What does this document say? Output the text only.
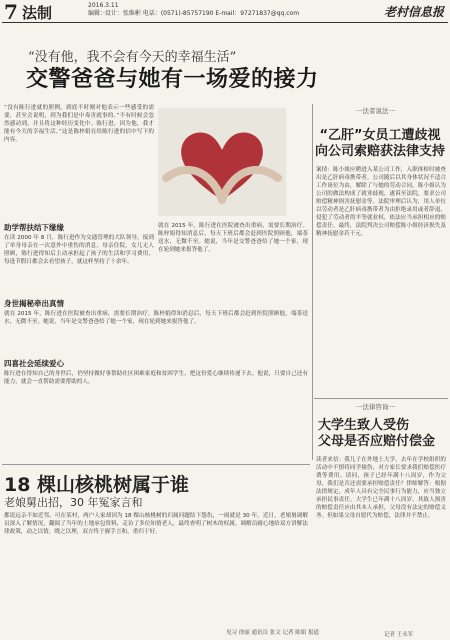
7 法制	2016.3.11
编辑：·设计：张维彬 电话：(0571)-85757190 E-mail：97271837@qq.com	老村信息报
“没有他，我不会有今天的幸福生活”
交警爸爸与她有一场爱的接力
“没有陈行进就的照例，到底不时刚对他表示一些感受的需要，甚至会说明，到为我们是中毒害就事的。”不有时候会忽然感动到，并且将这种经历变化中。陈行进，因为他，我才能有今天的幸福生活。”这是陈梓娟在给陈行进的信中写下的内容。
助学帮扶结下缘缘
在读 2000 年 8 月，陈行进作为交通管理的大队领导，接到了单身母亲在一次意外中重伤的消息，母亲住院，女儿无人照顾，陈行进得知后主动承担起了孩子的生活和学习费用，每逢节假日都会去看望孩子，就这样坚持了十余年。
就在 2015 年，陈行进在医院被查出重病，需要长期治疗。陈梓娟得知消息后，每天下班后都会赶到医院照顾他，端茶送水，无微不至。她说，当年是交警爸爸给了她一个家，现在轮到她来报答他了。
身世揭秘牵出真情
就在 2015 年，陈行进在医院被查出重病，需要长期治疗。陈梓娟得知消息后，每天下班后都会赶到医院照顾他，端茶送水，无微不至。她说，当年是交警爸爸给了她一个家，现在轮到她来报答他了。
四喜社会延续爱心
陈行进在得知自己的身世后，仍坚持做好事帮助社区困难家庭和贫困学生，把这份爱心继续传递下去。他说，只要自己还有能力，就会一直帮助需要帮助的人。
一法者说法一
“乙肝”女员工遭歧视
向公司索赔获法律支持
案情：陈小姐应聘进入某公司工作，入职体检时被查出是乙肝病毒携带者。公司随后以其身体状况不适合工作岗位为由，解除了与她的劳动合同。陈小姐认为公司的做法构成了就业歧视，遂诉至法院，要求公司赔偿精神损害抚慰金等。法院审理后认为，用人单位以劳动者是乙肝病毒携带者为由拒绝录用或者辞退，侵犯了劳动者的平等就业权，依法应当承担相应的赔偿责任。最终，法院判决公司赔偿陈小姐经济损失及精神抚慰金若干元。
一法律咨询一
大学生致人受伤
父母是否应赔付偿金
读者来信：我儿子在外地上大学，去年在学校组织的活动中不慎将同学撞伤，对方家长要求我们赔偿医疗费等费用。请问，孩子已经年满十八周岁，作为父母，我们是否还需要承担赔偿责任？律师解答：根据法律规定，成年人具有完全民事行为能力，应当独立承担民事责任。大学生已年满十八周岁，其致人损害的赔偿责任应由其本人承担，父母没有法定的赔偿义务。但如果父母自愿代为赔偿，法律并不禁止。
记者 王永军
18 棵山核桃树属于谁
老娘舅出招，30 年冤家言和
都说远亲不如近邻，可在某村，两户人家却因为 18 棵山核桃树的归属问题结下怨仇，一闹就是 30 年。近日，老娘舅调解员深入了解情况，翻阅了当年的土地承包资料，走访了多位知情老人，最终查明了树木的权属。调解员耐心地给双方讲解法律政策，动之以情，晓之以理，双方终于握手言和，重归于好。
见习 徐丽 通讯员 张文 记者 陈娟 报道
